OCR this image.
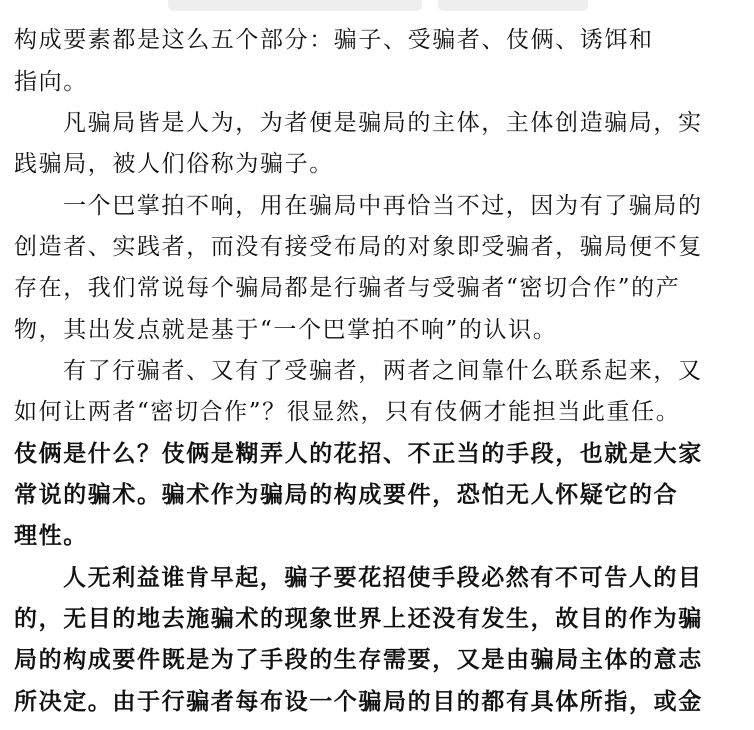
构成要素都是这么五个部分：骗子、受骗者、伎俩、诱饵和
指向。
凡骗局皆是人为，为者便是骗局的主体，主体创造骗局，实
践骗局，被人们俗称为骗子。
一个巴掌拍不响，用在骗局中再恰当不过，因为有了骗局的
创造者、实践者，而没有接受布局的对象即受骗者，骗局便不复
存在，我们常说每个骗局都是行骗者与受骗者“密切合作”的产
物，其出发点就是基于“一个巴掌拍不响”的认识。
有了行骗者、又有了受骗者，两者之间靠什么联系起来，又
如何让两者“密切合作”？很显然，只有伎俩才能担当此重任。
伎俩是什么？伎俩是糊弄人的花招、不正当的手段，也就是大家
常说的骗术。骗术作为骗局的构成要件，恐怕无人怀疑它的合
理性。
人无利益谁肯早起，骗子要花招使手段必然有不可告人的目
的，无目的地去施骗术的现象世界上还没有发生，故目的作为骗
局的构成要件既是为了手段的生存需要，又是由骗局主体的意志
所决定。由于行骗者每布设一个骗局的目的都有具体所指，或金
